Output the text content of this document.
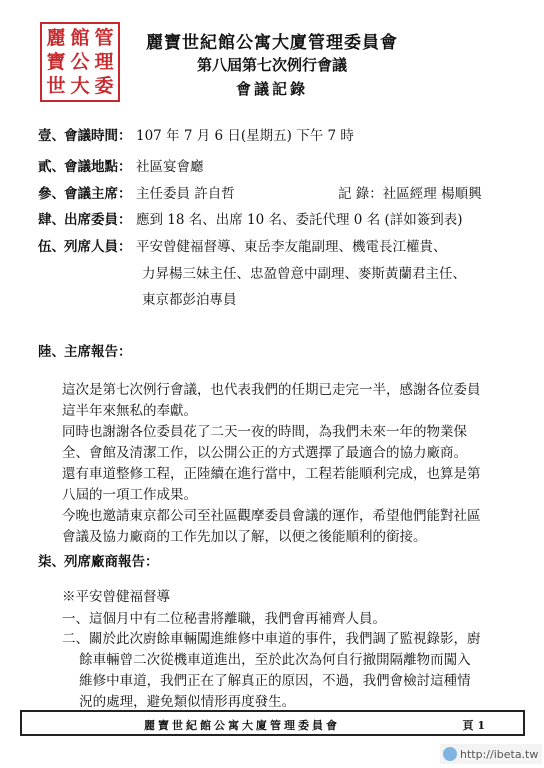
麗 館 管
寶 公 理
世 大 委
麗寶世紀館公寓大廈管理委員會
第八屆第七次例行會議
會議記錄
壹、會議時間： 107 年 7 月 6 日(星期五) 下午 7 時
貳、會議地點： 社區宴會廳
參、會議主席： 主任委員 許自哲	記 錄：社區經理 楊順興
肆、出席委員： 應到 18 名、出席 10 名、委託代理 0 名 (詳如簽到表)
伍、列席人員： 平安曾健福督導、東岳李友龍副理、機電長江權貴、
力昇楊三妹主任、忠盈曾意中副理、麥斯黃蘭君主任、
東京都彭泊專員
陸、主席報告：
這次是第七次例行會議，也代表我們的任期已走完一半，感謝各位委員
這半年來無私的奉獻。
同時也謝謝各位委員花了二天一夜的時間，為我們未來一年的物業保
全、會館及清潔工作，以公開公正的方式選擇了最適合的協力廠商。
還有車道整修工程，正陸續在進行當中，工程若能順利完成，也算是第
八屆的一項工作成果。
今晚也邀請東京都公司至社區觀摩委員會議的運作，希望他們能對社區
會議及協力廠商的工作先加以了解，以便之後能順利的銜接。
柒、列席廠商報告：
※平安曾健福督導
一、這個月中有二位秘書將離職，我們會再補齊人員。
二、關於此次廚餘車輛闖進維修中車道的事件，我們調了監視錄影，廚
餘車輛曾二次從機車道進出，至於此次為何自行撤開隔離物而闖入
維修中車道，我們正在了解真正的原因，不過，我們會檢討這種情
況的處理，避免類似情形再度發生。
麗寶世紀館公寓大廈管理委員會	頁 1
http://ibeta.tw
